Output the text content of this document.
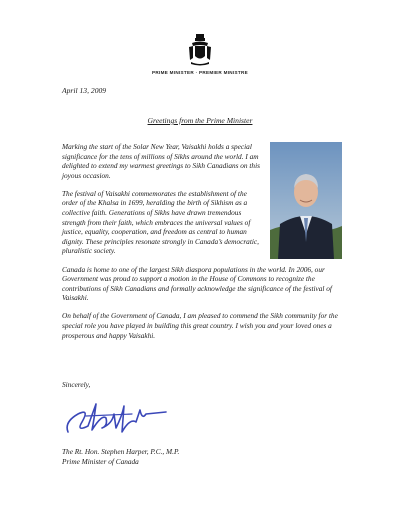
PRIME MINISTER · PREMIER MINISTRE
April 13, 2009
Greetings from the Prime Minister

Marking the start of the Solar New Year, Vaisakhi holds a special significance for the tens of millions of Sikhs around the world. I am delighted to extend my warmest greetings to Sikh Canadians on this joyous occasion.

The festival of Vaisakhi commemorates the establishment of the order of the Khalsa in 1699, heralding the birth of Sikhism as a collective faith. Generations of Sikhs have drawn tremendous strength from their faith, which embraces the universal values of justice, equality, cooperation, and freedom as central to human dignity. These principles resonate strongly in Canada’s democratic, pluralistic society.

Canada is home to one of the largest Sikh diaspora populations in the world. In 2006, our Government was proud to support a motion in the House of Commons to recognize the contributions of Sikh Canadians and formally acknowledge the significance of the festival of Vaisakhi.

On behalf of the Government of Canada, I am pleased to commend the Sikh community for the special role you have played in building this great country. I wish you and your loved ones a prosperous and happy Vaisakhi.

Sincerely,
The Rt. Hon. Stephen Harper, P.C., M.P.
Prime Minister of Canada
